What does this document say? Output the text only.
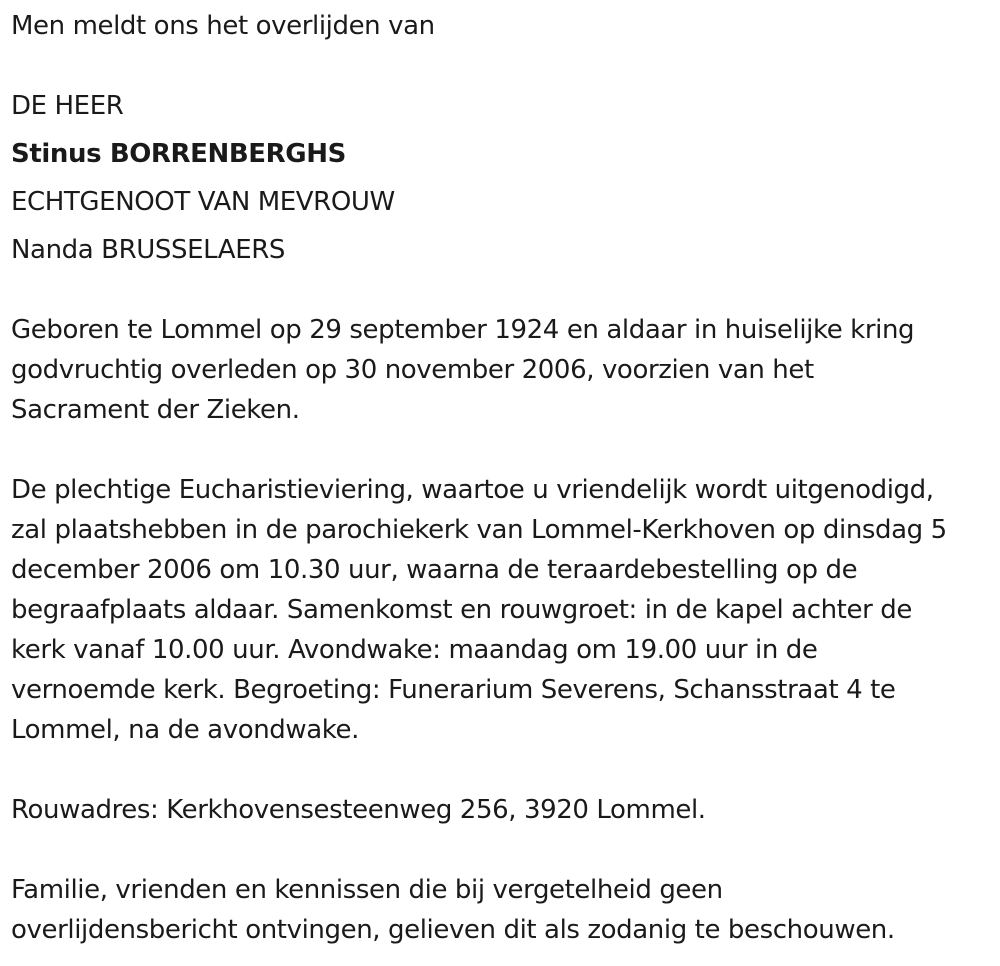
Men meldt ons het overlijden van
DE HEER
Stinus BORRENBERGHS
ECHTGENOOT VAN MEVROUW
Nanda BRUSSELAERS
Geboren te Lommel op 29 september 1924 en aldaar in huiselijke kring
godvruchtig overleden op 30 november 2006, voorzien van het
Sacrament der Zieken.
De plechtige Eucharistieviering, waartoe u vriendelijk wordt uitgenodigd,
zal plaatshebben in de parochiekerk van Lommel-Kerkhoven op dinsdag 5
december 2006 om 10.30 uur, waarna de teraardebestelling op de
begraafplaats aldaar. Samenkomst en rouwgroet: in de kapel achter de
kerk vanaf 10.00 uur. Avondwake: maandag om 19.00 uur in de
vernoemde kerk. Begroeting: Funerarium Severens, Schansstraat 4 te
Lommel, na de avondwake.
Rouwadres: Kerkhovensesteenweg 256, 3920 Lommel.
Familie, vrienden en kennissen die bij vergetelheid geen
overlijdensbericht ontvingen, gelieven dit als zodanig te beschouwen.
